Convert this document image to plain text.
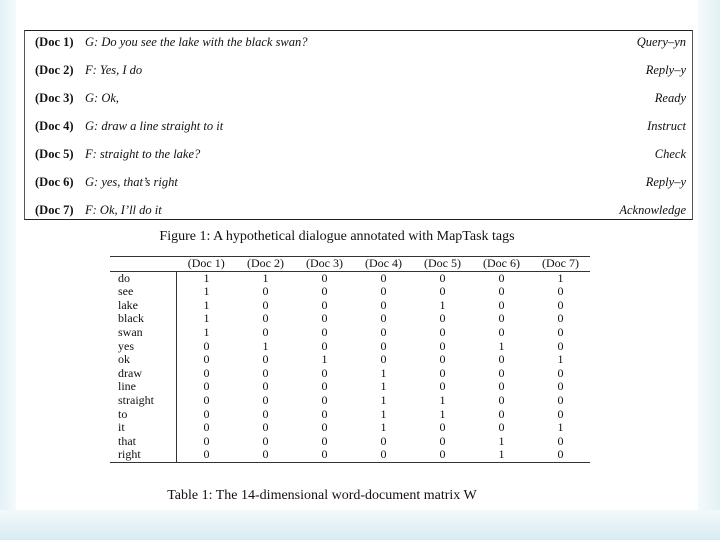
(Doc 1) G: Do you see the lake with the black swan?	Query–yn
(Doc 2) F: Yes, I do	Reply–y
(Doc 3) G: Ok,	Ready
(Doc 4) G: draw a line straight to it	Instruct
(Doc 5) F: straight to the lake?	Check
(Doc 6) G: yes, that’s right	Reply–y
(Doc 7) F: Ok, I’ll do it	Acknowledge
Figure 1: A hypothetical dialogue annotated with MapTask tags
	(Doc 1)	(Doc 2)	(Doc 3)	(Doc 4)	(Doc 5)	(Doc 6)	(Doc 7)
do	1	1	0	0	0	0	1
see	1	0	0	0	0	0	0
lake	1	0	0	0	1	0	0
black	1	0	0	0	0	0	0
swan	1	0	0	0	0	0	0
yes	0	1	0	0	0	1	0
ok	0	0	1	0	0	0	1
draw	0	0	0	1	0	0	0
line	0	0	0	1	0	0	0
straight	0	0	0	1	1	0	0
to	0	0	0	1	1	0	0
it	0	0	0	1	0	0	1
that	0	0	0	0	0	1	0
right	0	0	0	0	0	1	0
Table 1: The 14-dimensional word-document matrix W
